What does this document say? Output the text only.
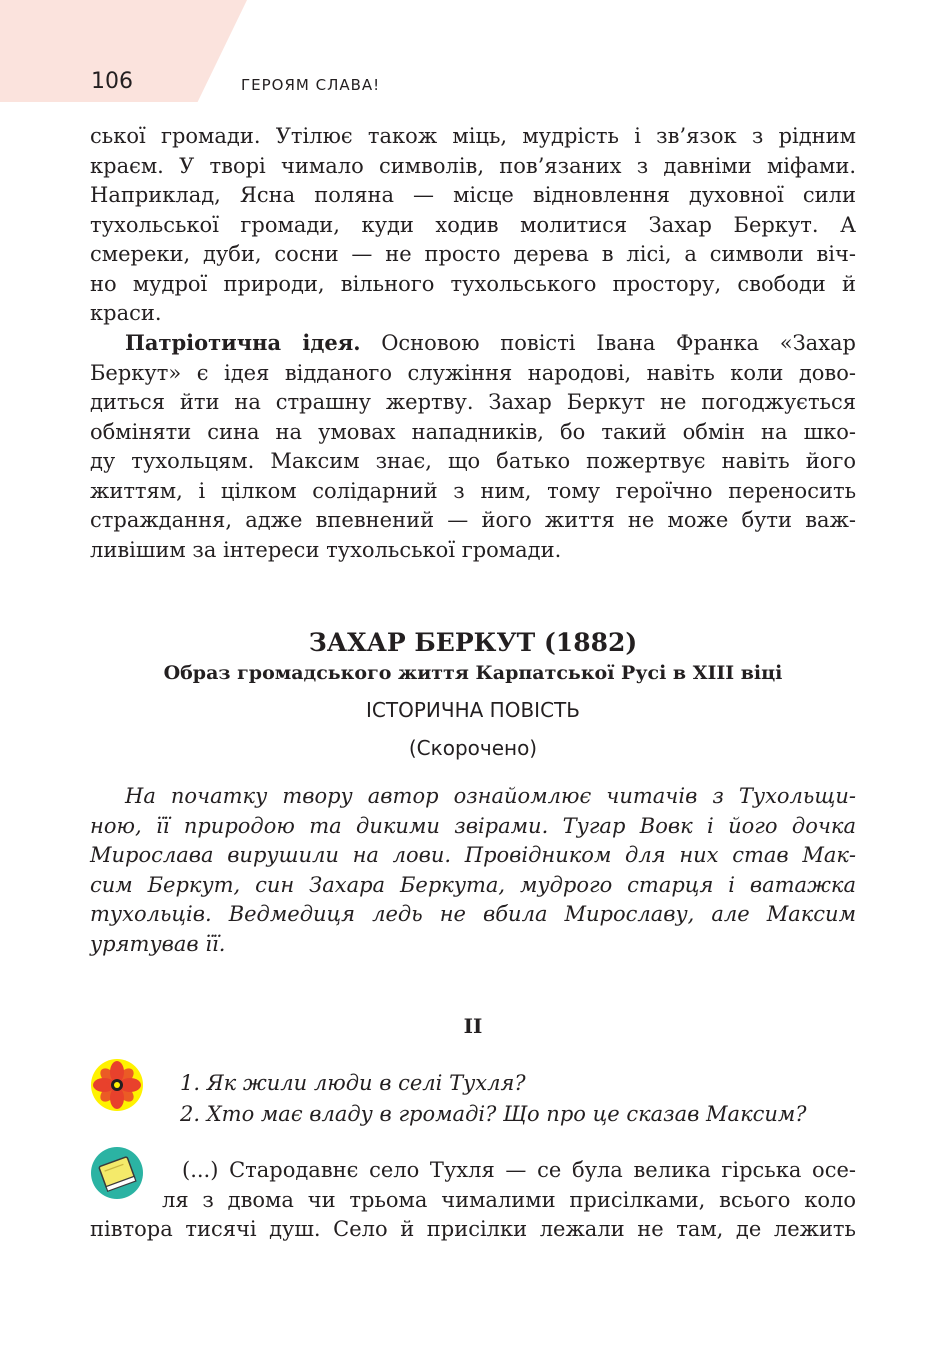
106	ГЕРОЯМ СЛАВА!
ської громади. Утілює також міць, мудрість і зв’язок з рідним
краєм. У творі чимало символів, пов’язаних з давніми міфами.
Наприклад, Ясна поляна — місце відновлення духовної сили
тухольської громади, куди ходив молитися Захар Беркут. А
смереки, дуби, сосни — не просто дерева в лісі, а символи віч-
но мудрої природи, вільного тухольського простору, свободи й
краси.
Патріотична ідея. Основою повісті Івана Франка «Захар
Беркут» є ідея відданого служіння народові, навіть коли дово-
диться йти на страшну жертву. Захар Беркут не погоджується
обміняти сина на умовах нападників, бо такий обмін на шко-
ду тухольцям. Максим знає, що батько пожертвує навіть його
життям, і цілком солідарний з ним, тому героїчно переносить
страждання, адже впевнений — його життя не може бути важ-
ливішим за інтереси тухольської громади.
ЗАХАР БЕРКУТ (1882)
Образ громадського життя Карпатської Русі в XIII віці
ІСТОРИЧНА ПОВІСТЬ
(Скорочено)
На початку твору автор ознайомлює читачів з Тухольщи-
ною, її природою та дикими звірами. Тугар Вовк і його дочка
Мирослава вирушили на лови. Провідником для них став Мак-
сим Беркут, син Захара Беркута, мудрого старця і ватажка
тухольців. Ведмедиця ледь не вбила Мирославу, але Максим
урятував її.
II
1. Як жили люди в селі Тухля?
2. Хто має владу в громаді? Що про це сказав Максим?
(...) Стародавнє село Тухля — се була велика гірська осе-
ля з двома чи трьома чималими присілками, всього коло
півтора тисячі душ. Село й присілки лежали не там, де лежить
